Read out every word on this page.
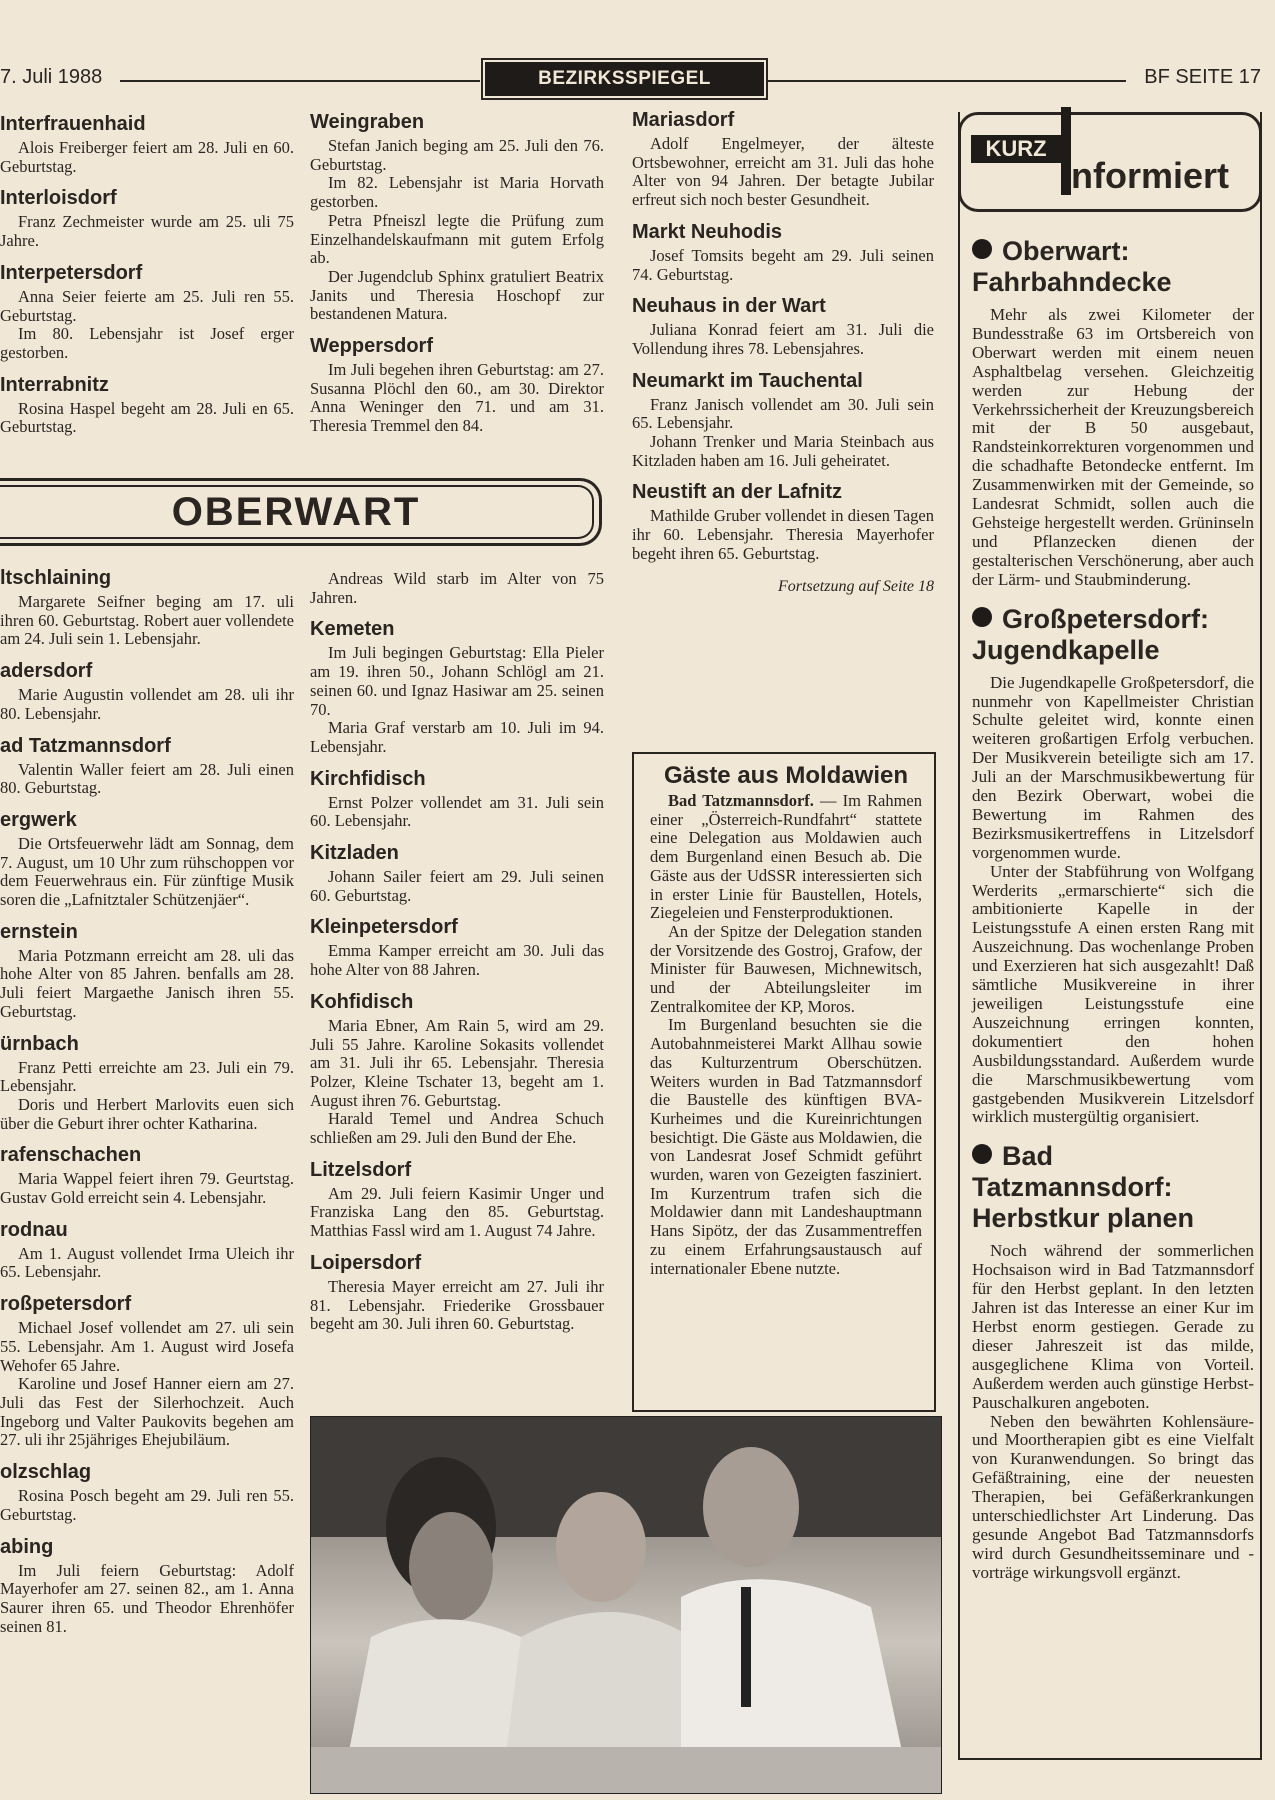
7. Juli 1988	BEZIRKSSPIEGEL	BF SEITE 17
Interfrauenhaid

Alois Freiberger feiert am 28. Juli en 60. Geburtstag.

Interloisdorf

Franz Zechmeister wurde am 25. uli 75 Jahre.

Interpetersdorf

Anna Seier feierte am 25. Juli ren 55. Geburtstag.

Im 80. Lebensjahr ist Josef erger gestorben.

Interrabnitz

Rosina Haspel begeht am 28. Juli en 65. Geburtstag.

Weingraben

Stefan Janich beging am 25. Juli den 76. Geburtstag.

Im 82. Lebensjahr ist Maria Horvath gestorben.

Petra Pfneiszl legte die Prüfung zum Einzelhandelskaufmann mit gutem Erfolg ab.

Der Jugendclub Sphinx gratuliert Beatrix Janits und Theresia Hoschopf zur bestandenen Matura.

Weppersdorf

Im Juli begehen ihren Geburtstag: am 27. Susanna Plöchl den 60., am 30. Direktor Anna Weninger den 71. und am 31. Theresia Tremmel den 84.

Mariasdorf

Adolf Engelmeyer, der älteste Ortsbewohner, erreicht am 31. Juli das hohe Alter von 94 Jahren. Der betagte Jubilar erfreut sich noch bester Gesundheit.

Markt Neuhodis

Josef Tomsits begeht am 29. Juli seinen 74. Geburtstag.

Neuhaus in der Wart

Juliana Konrad feiert am 31. Juli die Vollendung ihres 78. Lebensjahres.

Neumarkt im Tauchental

Franz Janisch vollendet am 30. Juli sein 65. Lebensjahr.

Johann Trenker und Maria Steinbach aus Kitzladen haben am 16. Juli geheiratet.

Neustift an der Lafnitz

Mathilde Gruber vollendet in diesen Tagen ihr 60. Lebensjahr. Theresia Mayerhofer begeht ihren 65. Geburtstag.

Fortsetzung auf Seite 18
OBERWART
ltschlaining

Margarete Seifner beging am 17. uli ihren 60. Geburtstag. Robert auer vollendete am 24. Juli sein 1. Lebensjahr.

adersdorf

Marie Augustin vollendet am 28. uli ihr 80. Lebensjahr.

ad Tatzmannsdorf

Valentin Waller feiert am 28. Juli einen 80. Geburtstag.

ergwerk

Die Ortsfeuerwehr lädt am Sonnag, dem 7. August, um 10 Uhr zum rühschoppen vor dem Feuerwehraus ein. Für zünftige Musik soren die „Lafnitztaler Schützenjäer“.

ernstein

Maria Potzmann erreicht am 28. uli das hohe Alter von 85 Jahren. benfalls am 28. Juli feiert Margaethe Janisch ihren 55. Geburtstag.

ürnbach

Franz Petti erreichte am 23. Juli ein 79. Lebensjahr.

Doris und Herbert Marlovits euen sich über die Geburt ihrer ochter Katharina.

rafenschachen

Maria Wappel feiert ihren 79. Geurtstag. Gustav Gold erreicht sein 4. Lebensjahr.

rodnau

Am 1. August vollendet Irma Uleich ihr 65. Lebensjahr.

roßpetersdorf

Michael Josef vollendet am 27. uli sein 55. Lebensjahr. Am 1. August wird Josefa Wehofer 65 Jahre.

Karoline und Josef Hanner eiern am 27. Juli das Fest der Silerhochzeit. Auch Ingeborg und Valter Paukovits begehen am 27. uli ihr 25jähriges Ehejubiläum.

olzschlag

Rosina Posch begeht am 29. Juli ren 55. Geburtstag.

abing

Im Juli feiern Geburtstag: Adolf Mayerhofer am 27. seinen 82., am 1. Anna Saurer ihren 65. und Theodor Ehrenhöfer seinen 81.

Andreas Wild starb im Alter von 75 Jahren.

Kemeten

Im Juli begingen Geburtstag: Ella Pieler am 19. ihren 50., Johann Schlögl am 21. seinen 60. und Ignaz Hasiwar am 25. seinen 70.

Maria Graf verstarb am 10. Juli im 94. Lebensjahr.

Kirchfidisch

Ernst Polzer vollendet am 31. Juli sein 60. Lebensjahr.

Kitzladen

Johann Sailer feiert am 29. Juli seinen 60. Geburtstag.

Kleinpetersdorf

Emma Kamper erreicht am 30. Juli das hohe Alter von 88 Jahren.

Kohfidisch

Maria Ebner, Am Rain 5, wird am 29. Juli 55 Jahre. Karoline Sokasits vollendet am 31. Juli ihr 65. Lebensjahr. Theresia Polzer, Kleine Tschater 13, begeht am 1. August ihren 76. Geburtstag.

Harald Temel und Andrea Schuch schließen am 29. Juli den Bund der Ehe.

Litzelsdorf

Am 29. Juli feiern Kasimir Unger und Franziska Lang den 85. Geburtstag. Matthias Fassl wird am 1. August 74 Jahre.

Loipersdorf

Theresia Mayer erreicht am 27. Juli ihr 81. Lebensjahr. Friederike Grossbauer begeht am 30. Juli ihren 60. Geburtstag.

Gäste aus Moldawien

Bad Tatzmannsdorf. — Im Rahmen einer „Österreich-Rundfahrt“ stattete eine Delegation aus Moldawien auch dem Burgenland einen Besuch ab. Die Gäste aus der UdSSR interessierten sich in erster Linie für Baustellen, Hotels, Ziegeleien und Fensterproduktionen.

An der Spitze der Delegation standen der Vorsitzende des Gostroj, Grafow, der Minister für Bauwesen, Michnewitsch, und der Abteilungsleiter im Zentralkomitee der KP, Moros.

Im Burgenland besuchten sie die Autobahnmeisterei Markt Allhau sowie das Kulturzentrum Oberschützen. Weiters wurden in Bad Tatzmannsdorf die Baustelle des künftigen BVA-Kurheimes und die Kureinrichtungen besichtigt. Die Gäste aus Moldawien, die von Landesrat Josef Schmidt geführt wurden, waren von Gezeigten fasziniert. Im Kurzentrum trafen sich die Moldawier dann mit Landeshauptmann Hans Sipötz, der das Zusammentreffen zu einem Erfahrungsaustausch auf internationaler Ebene nutzte.

KURZ
nformiert
Oberwart: Fahrbahndecke

Mehr als zwei Kilometer der Bundesstraße 63 im Ortsbereich von Oberwart werden mit einem neuen Asphaltbelag versehen. Gleichzeitig werden zur Hebung der Verkehrssicherheit der Kreuzungsbereich mit der B 50 ausgebaut, Randsteinkorrekturen vorgenommen und die schadhafte Betondecke entfernt. Im Zusammenwirken mit der Gemeinde, so Landesrat Schmidt, sollen auch die Gehsteige hergestellt werden. Grüninseln und Pflanzecken dienen der gestalterischen Verschönerung, aber auch der Lärm- und Staubminderung.

Großpetersdorf: Jugendkapelle

Die Jugendkapelle Großpetersdorf, die nunmehr von Kapellmeister Christian Schulte geleitet wird, konnte einen weiteren großartigen Erfolg verbuchen. Der Musikverein beteiligte sich am 17. Juli an der Marschmusikbewertung für den Bezirk Oberwart, wobei die Bewertung im Rahmen des Bezirksmusikertreffens in Litzelsdorf vorgenommen wurde.

Unter der Stabführung von Wolfgang Werderits „ermarschierte“ sich die ambitionierte Kapelle in der Leistungsstufe A einen ersten Rang mit Auszeichnung. Das wochenlange Proben und Exerzieren hat sich ausgezahlt! Daß sämtliche Musikvereine in ihrer jeweiligen Leistungsstufe eine Auszeichnung erringen konnten, dokumentiert den hohen Ausbildungsstandard. Außerdem wurde die Marschmusikbewertung vom gastgebenden Musikverein Litzelsdorf wirklich mustergültig organisiert.

Bad Tatzmannsdorf: Herbstkur planen

Noch während der sommerlichen Hochsaison wird in Bad Tatzmannsdorf für den Herbst geplant. In den letzten Jahren ist das Interesse an einer Kur im Herbst enorm gestiegen. Gerade zu dieser Jahreszeit ist das milde, ausgeglichene Klima von Vorteil. Außerdem werden auch günstige Herbst-Pauschalkuren angeboten.

Neben den bewährten Kohlensäure- und Moortherapien gibt es eine Vielfalt von Kuranwendungen. So bringt das Gefäßtraining, eine der neuesten Therapien, bei Gefäßerkrankungen unterschiedlichster Art Linderung. Das gesunde Angebot Bad Tatzmannsdorfs wird durch Gesundheitsseminare und -vorträge wirkungsvoll ergänzt.
